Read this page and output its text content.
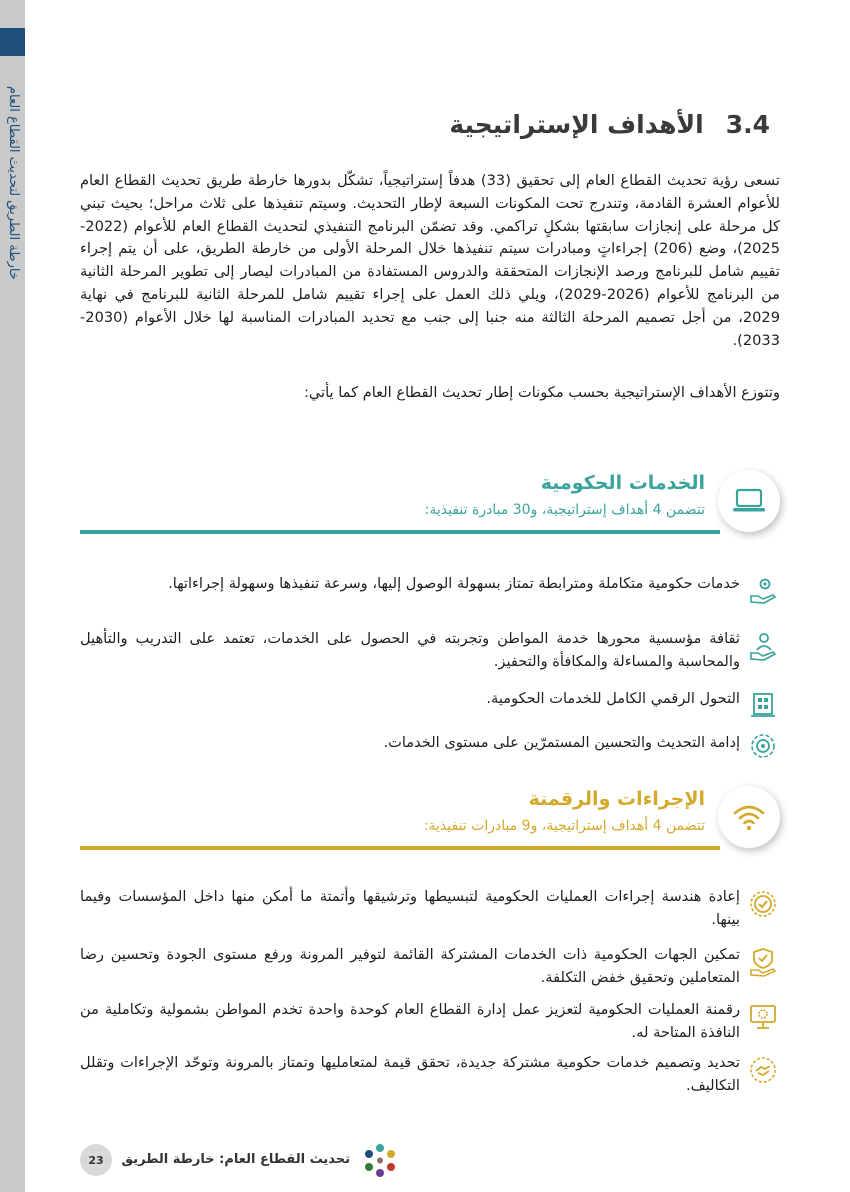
خارطة الطريق لتحديث القطاع العام	3.4
الأهداف الإستراتيجية

تسعى رؤية تحديث القطاع العام إلى تحقيق (33) هدفاً إستراتيجياً، تشكّل بدورها خارطة طريق تحديث القطاع العام للأعوام العشرة القادمة، وتندرج تحت المكونات السبعة لإطار التحديث. وسيتم تنفيذها على ثلاث مراحل؛ بحيث تبني كل مرحلة على إنجازات سابقتها بشكلٍ تراكمي. وقد تضمّن البرنامج التنفيذي لتحديث القطاع العام للأعوام (2022-2025)، وضع (206) إجراءاتٍ ومبادرات سيتم تنفيذها خلال المرحلة الأولى من خارطة الطريق، على أن يتم إجراء تقييم شامل للبرنامج ورصد الإنجازات المتحققة والدروس المستفادة من المبادرات ليصار إلى تطوير المرحلة الثانية من البرنامج للأعوام (2026-2029)، ويلي ذلك العمل على إجراء تقييم شامل للمرحلة الثانية للبرنامج في نهاية 2029، من أجل تصميم المرحلة الثالثة منه جنبا إلى جنب مع تحديد المبادرات المناسبة لها خلال الأعوام (2030-2033).

وتتوزع الأهداف الإستراتيجية بحسب مكونات إطار تحديث القطاع العام كما يأتي:

الخدمات الحكومية
تتضمن 4 أهداف إستراتيجية، و30 مبادرة تنفيذية:

خدمات حكومية متكاملة ومترابطة تمتاز بسهولة الوصول إليها، وسرعة تنفيذها وسهولة إجراءاتها.

ثقافة مؤسسية محورها خدمة المواطن وتجربته في الحصول على الخدمات، تعتمد على التدريب والتأهيل والمحاسبة والمساءلة والمكافأة والتحفيز.

التحول الرقمي الكامل للخدمات الحكومية.

إدامة التحديث والتحسين المستمرّين على مستوى الخدمات.

الإجراءات والرقمنة
تتضمن 4 أهداف إستراتيجية، و9 مبادرات تنفيذية:

إعادة هندسة إجراءات العمليات الحكومية لتبسيطها وترشيقها وأتمتة ما أمكن منها داخل المؤسسات وفيما بينها.

تمكين الجهات الحكومية ذات الخدمات المشتركة القائمة لتوفير المرونة ورفع مستوى الجودة وتحسين رضا المتعاملين وتحقيق خفض التكلفة.

رقمنة العمليات الحكومية لتعزيز عمل إدارة القطاع العام كوحدة واحدة تخدم المواطن بشمولية وتكاملية من النافذة المتاحة له.

تحديد وتصميم خدمات حكومية مشتركة جديدة، تحقق قيمة لمتعامليها وتمتاز بالمرونة وتوحّد الإجراءات وتقلل التكاليف.

23	تحديث القطاع العام: خارطة الطريق
